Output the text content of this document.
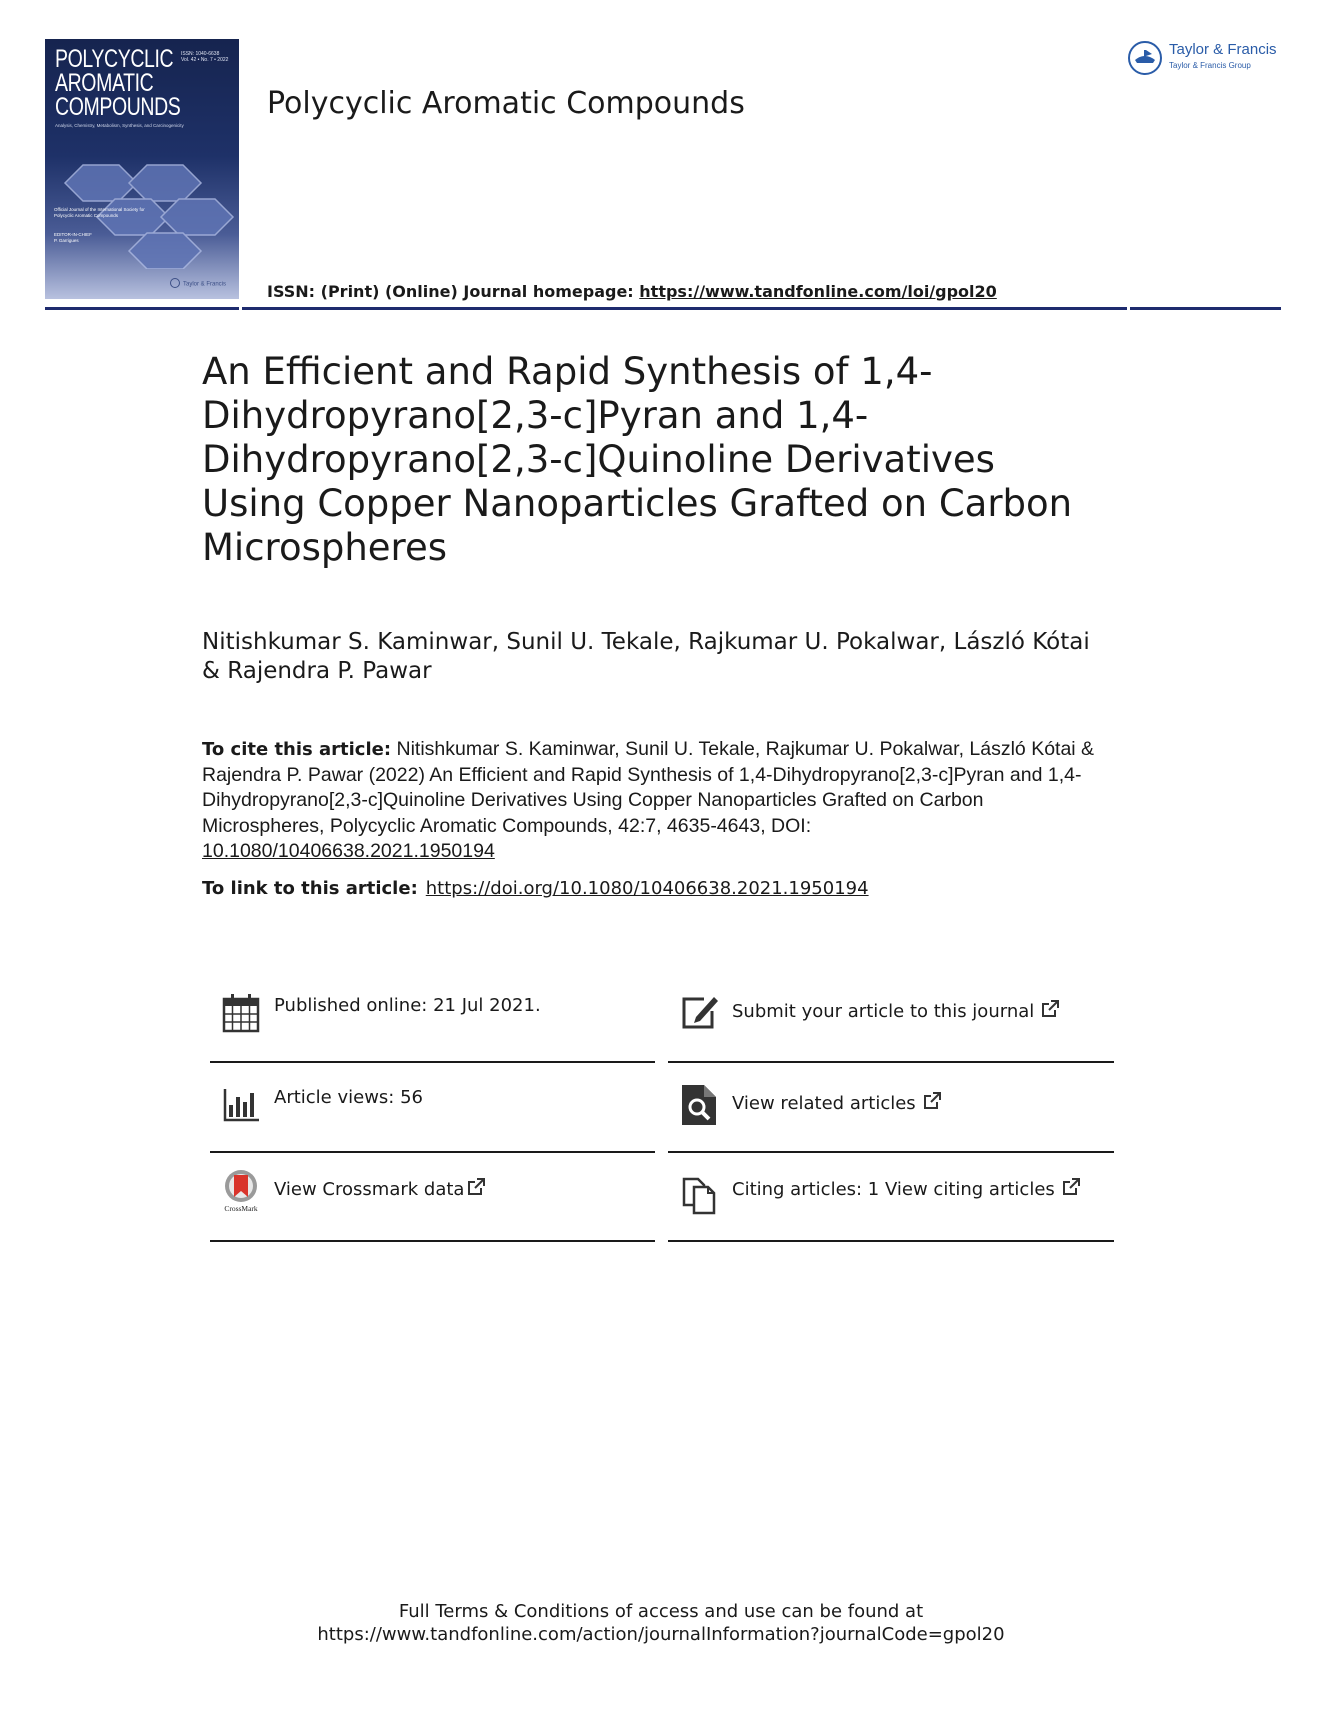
POLYCYCLIC
AROMATIC
COMPOUNDS
ISSN: 1040-6638
Vol. 42 • No. 7 • 2022
Analysis, Chemistry, Metabolism, Synthesis, and Carcinogenicity
Official Journal of the International Society for Polycyclic Aromatic Compounds
EDITOR-IN-CHIEF
P. Garrigues
Taylor & Francis
Polycyclic Aromatic Compounds
Taylor & Francis
Taylor & Francis Group
ISSN: (Print) (Online) Journal homepage: https://www.tandfonline.com/loi/gpol20
An Efficient and Rapid Synthesis of 1,4-Dihydropyrano[2,3-c]Pyran and 1,4-Dihydropyrano[2,3-c]Quinoline Derivatives Using Copper Nanoparticles Grafted on Carbon Microspheres
Nitishkumar S. Kaminwar, Sunil U. Tekale, Rajkumar U. Pokalwar, László Kótai & Rajendra P. Pawar
To cite this article: Nitishkumar S. Kaminwar, Sunil U. Tekale, Rajkumar U. Pokalwar, László Kótai & Rajendra P. Pawar (2022) An Efficient and Rapid Synthesis of 1,4-Dihydropyrano[2,3-c]Pyran and 1,4-Dihydropyrano[2,3-c]Quinoline Derivatives Using Copper Nanoparticles Grafted on Carbon Microspheres, Polycyclic Aromatic Compounds, 42:7, 4635-4643, DOI: 10.1080/10406638.2021.1950194
To link to this article: https://doi.org/10.1080/10406638.2021.1950194
Published online: 21 Jul 2021.	Submit your article to this journal
Article views: 56	View related articles
CrossMark
View Crossmark data	Citing articles: 1 View citing articles
Full Terms & Conditions of access and use can be found at
https://www.tandfonline.com/action/journalInformation?journalCode=gpol20
